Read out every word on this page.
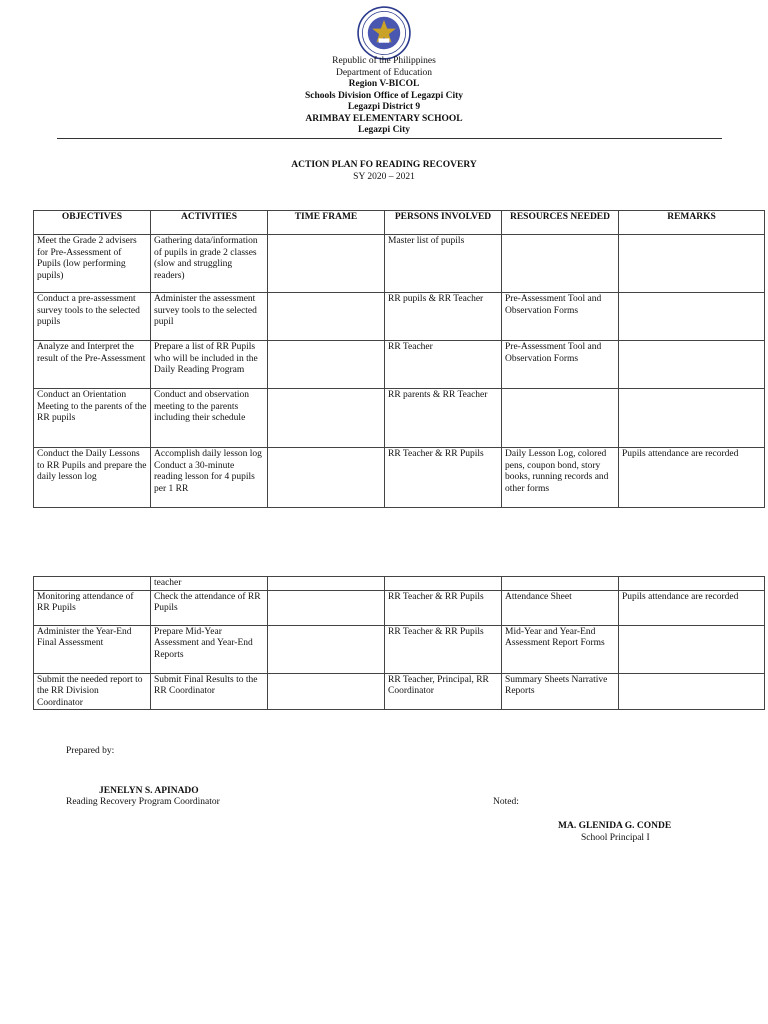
Republic of the Philippines
Department of Education
Region V-BICOL
Schools Division Office of Legazpi City
Legazpi District 9
ARIMBAY ELEMENTARY SCHOOL
Legazpi City
ACTION PLAN FO READING RECOVERY
SY 2020 – 2021
OBJECTIVES	ACTIVITIES	TIME FRAME	PERSONS INVOLVED	RESOURCES NEEDED	REMARKS
Meet the Grade 2 advisers for Pre-Assessment of Pupils (low performing pupils)	Gathering data/information of pupils in grade 2 classes (slow and struggling readers)		Master list of pupils		
Conduct a pre-assessment survey tools to the selected pupils	Administer the assessment survey tools to the selected pupil		RR pupils & RR Teacher	Pre-Assessment Tool and Observation Forms	
Analyze and Interpret the result of the Pre-Assessment	Prepare a list of RR Pupils who will be included in the Daily Reading Program		RR Teacher	Pre-Assessment Tool and Observation Forms	
Conduct an Orientation Meeting to the parents of the RR pupils	Conduct and observation meeting to the parents including their schedule		RR parents & RR Teacher		
Conduct the Daily Lessons to RR Pupils and prepare the daily lesson log	Accomplish daily lesson log Conduct a 30-minute reading lesson for 4 pupils per 1 RR		RR Teacher & RR Pupils	Daily Lesson Log, colored pens, coupon bond, story books, running records and other forms	Pupils attendance are recorded
	teacher				
Monitoring attendance of RR Pupils	Check the attendance of RR Pupils		RR Teacher & RR Pupils	Attendance Sheet	Pupils attendance are recorded
Administer the Year-End Final Assessment	Prepare Mid-Year Assessment and Year-End Reports		RR Teacher & RR Pupils	Mid-Year and Year-End Assessment Report Forms	
Submit the needed report to the RR Division Coordinator	Submit Final Results to the RR Coordinator		RR Teacher, Principal, RR Coordinator	Summary Sheets Narrative Reports	
Prepared by:
JENELYN S. APINADO
Reading Recovery Program Coordinator	Noted:
MA. GLENIDA G. CONDE
School Principal I
